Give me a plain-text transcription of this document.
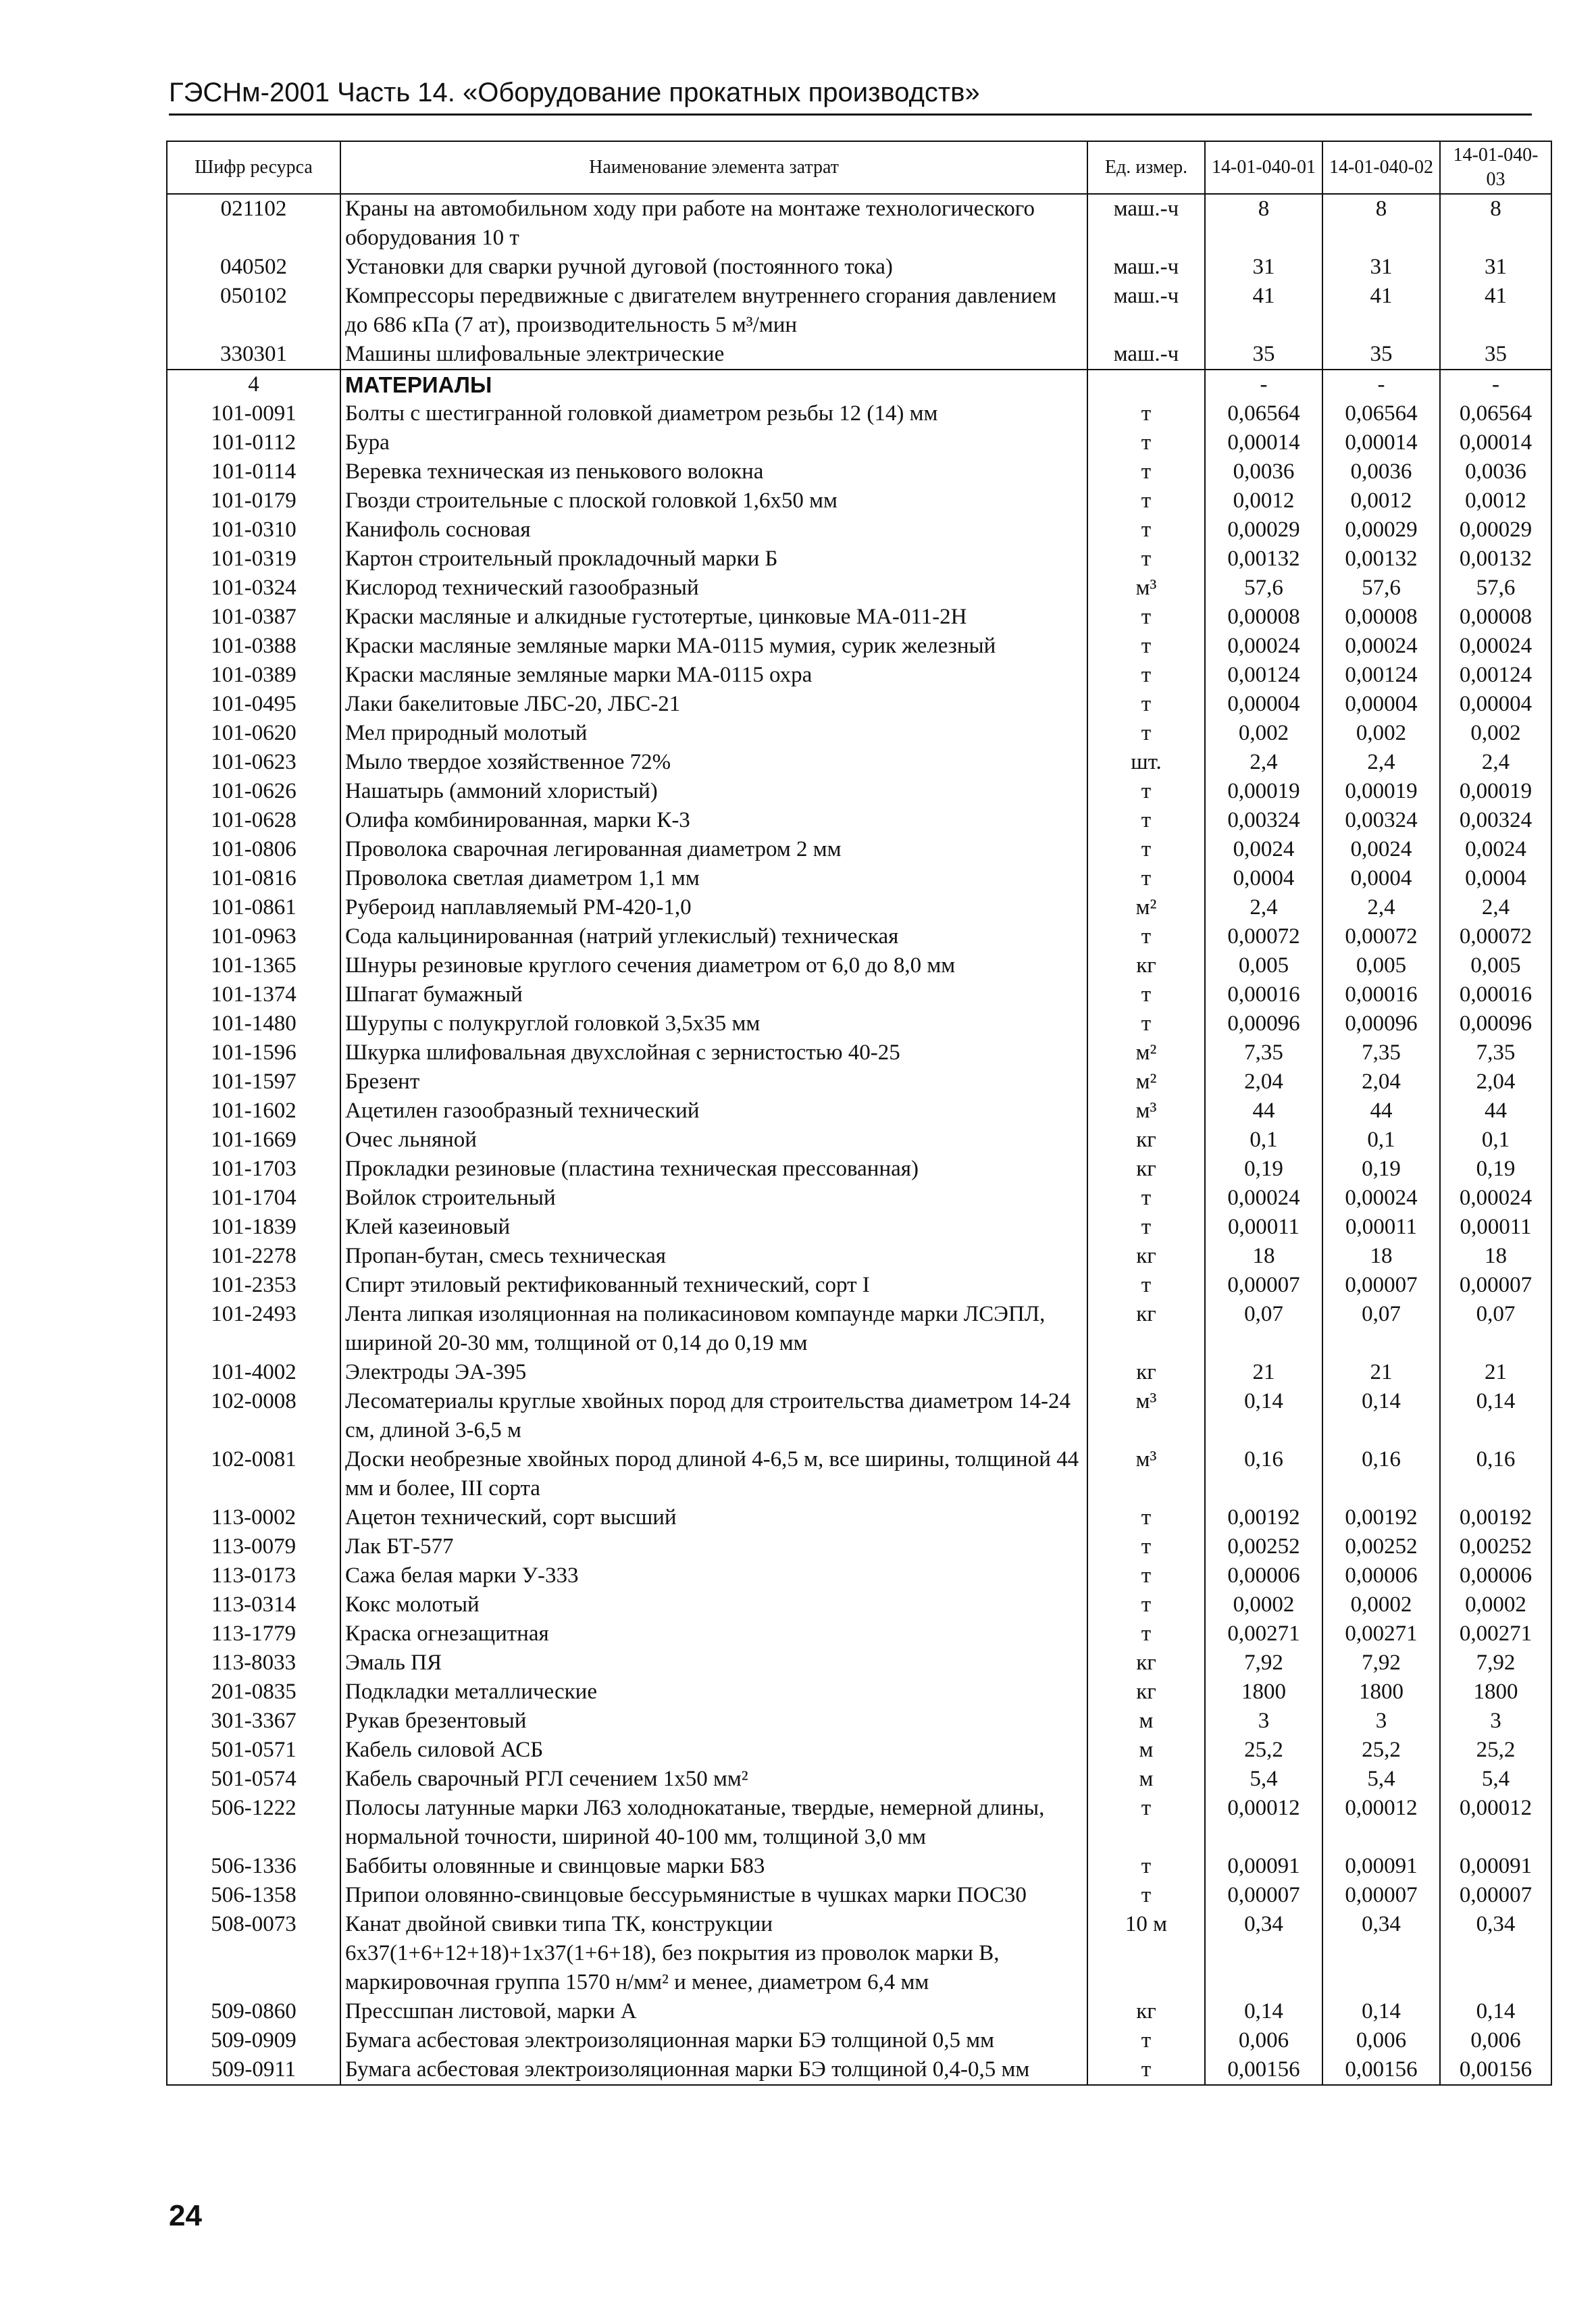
ГЭСНм-2001 Часть 14. «Оборудование прокатных производств»
Шифр ресурса	Наименование элемента затрат	Ед. измер.	14-01-040-01	14-01-040-02	14-01-040-03
021102	Краны на автомобильном ходу при работе на монтаже технологического оборудования 10 т	маш.-ч	8	8	8
040502	Установки для сварки ручной дуговой (постоянного тока)	маш.-ч	31	31	31
050102	Компрессоры передвижные с двигателем внутреннего сгорания давлением до 686 кПа (7 ат), производительность 5 м³/мин	маш.-ч	41	41	41
330301	Машины шлифовальные электрические	маш.-ч	35	35	35
4	МАТЕРИАЛЫ		-	-	-
101-0091	Болты с шестигранной головкой диаметром резьбы 12 (14) мм	т	0,06564	0,06564	0,06564
101-0112	Бура	т	0,00014	0,00014	0,00014
101-0114	Веревка техническая из пенькового волокна	т	0,0036	0,0036	0,0036
101-0179	Гвозди строительные с плоской головкой 1,6х50 мм	т	0,0012	0,0012	0,0012
101-0310	Канифоль сосновая	т	0,00029	0,00029	0,00029
101-0319	Картон строительный прокладочный марки Б	т	0,00132	0,00132	0,00132
101-0324	Кислород технический газообразный	м³	57,6	57,6	57,6
101-0387	Краски масляные и алкидные густотертые, цинковые МА-011-2Н	т	0,00008	0,00008	0,00008
101-0388	Краски масляные земляные марки МА-0115 мумия, сурик железный	т	0,00024	0,00024	0,00024
101-0389	Краски масляные земляные марки МА-0115 охра	т	0,00124	0,00124	0,00124
101-0495	Лаки бакелитовые ЛБС-20, ЛБС-21	т	0,00004	0,00004	0,00004
101-0620	Мел природный молотый	т	0,002	0,002	0,002
101-0623	Мыло твердое хозяйственное 72%	шт.	2,4	2,4	2,4
101-0626	Нашатырь (аммоний хлористый)	т	0,00019	0,00019	0,00019
101-0628	Олифа комбинированная, марки К-3	т	0,00324	0,00324	0,00324
101-0806	Проволока сварочная легированная диаметром 2 мм	т	0,0024	0,0024	0,0024
101-0816	Проволока светлая диаметром 1,1 мм	т	0,0004	0,0004	0,0004
101-0861	Рубероид наплавляемый РМ-420-1,0	м²	2,4	2,4	2,4
101-0963	Сода кальцинированная (натрий углекислый) техническая	т	0,00072	0,00072	0,00072
101-1365	Шнуры резиновые круглого сечения диаметром от 6,0 до 8,0 мм	кг	0,005	0,005	0,005
101-1374	Шпагат бумажный	т	0,00016	0,00016	0,00016
101-1480	Шурупы с полукруглой головкой 3,5х35 мм	т	0,00096	0,00096	0,00096
101-1596	Шкурка шлифовальная двухслойная с зернистостью 40-25	м²	7,35	7,35	7,35
101-1597	Брезент	м²	2,04	2,04	2,04
101-1602	Ацетилен газообразный технический	м³	44	44	44
101-1669	Очес льняной	кг	0,1	0,1	0,1
101-1703	Прокладки резиновые (пластина техническая прессованная)	кг	0,19	0,19	0,19
101-1704	Войлок строительный	т	0,00024	0,00024	0,00024
101-1839	Клей казеиновый	т	0,00011	0,00011	0,00011
101-2278	Пропан-бутан, смесь техническая	кг	18	18	18
101-2353	Спирт этиловый ректификованный технический, сорт I	т	0,00007	0,00007	0,00007
101-2493	Лента липкая изоляционная на поликасиновом компаунде марки ЛСЭПЛ, шириной 20-30 мм, толщиной от 0,14 до 0,19 мм	кг	0,07	0,07	0,07
101-4002	Электроды ЭА-395	кг	21	21	21
102-0008	Лесоматериалы круглые хвойных пород для строительства диаметром 14-24 см, длиной 3-6,5 м	м³	0,14	0,14	0,14
102-0081	Доски необрезные хвойных пород длиной 4-6,5 м, все ширины, толщиной 44 мм и более, III сорта	м³	0,16	0,16	0,16
113-0002	Ацетон технический, сорт высший	т	0,00192	0,00192	0,00192
113-0079	Лак БТ-577	т	0,00252	0,00252	0,00252
113-0173	Сажа белая марки У-333	т	0,00006	0,00006	0,00006
113-0314	Кокс молотый	т	0,0002	0,0002	0,0002
113-1779	Краска огнезащитная	т	0,00271	0,00271	0,00271
113-8033	Эмаль ПЯ	кг	7,92	7,92	7,92
201-0835	Подкладки металлические	кг	1800	1800	1800
301-3367	Рукав брезентовый	м	3	3	3
501-0571	Кабель силовой АСБ	м	25,2	25,2	25,2
501-0574	Кабель сварочный РГЛ сечением 1х50 мм²	м	5,4	5,4	5,4
506-1222	Полосы латунные марки Л63 холоднокатаные, твердые, немерной длины, нормальной точности, шириной 40-100 мм, толщиной 3,0 мм	т	0,00012	0,00012	0,00012
506-1336	Баббиты оловянные и свинцовые марки Б83	т	0,00091	0,00091	0,00091
506-1358	Припои оловянно-свинцовые бессурьмянистые в чушках марки ПОС30	т	0,00007	0,00007	0,00007
508-0073	Канат двойной свивки типа ТК, конструкции 6х37(1+6+12+18)+1х37(1+6+18), без покрытия из проволок марки В, маркировочная группа 1570 н/мм² и менее, диаметром 6,4 мм	10 м	0,34	0,34	0,34
509-0860	Прессшпан листовой, марки А	кг	0,14	0,14	0,14
509-0909	Бумага асбестовая электроизоляционная марки БЭ толщиной 0,5 мм	т	0,006	0,006	0,006
509-0911	Бумага асбестовая электроизоляционная марки БЭ толщиной 0,4-0,5 мм	т	0,00156	0,00156	0,00156
24
